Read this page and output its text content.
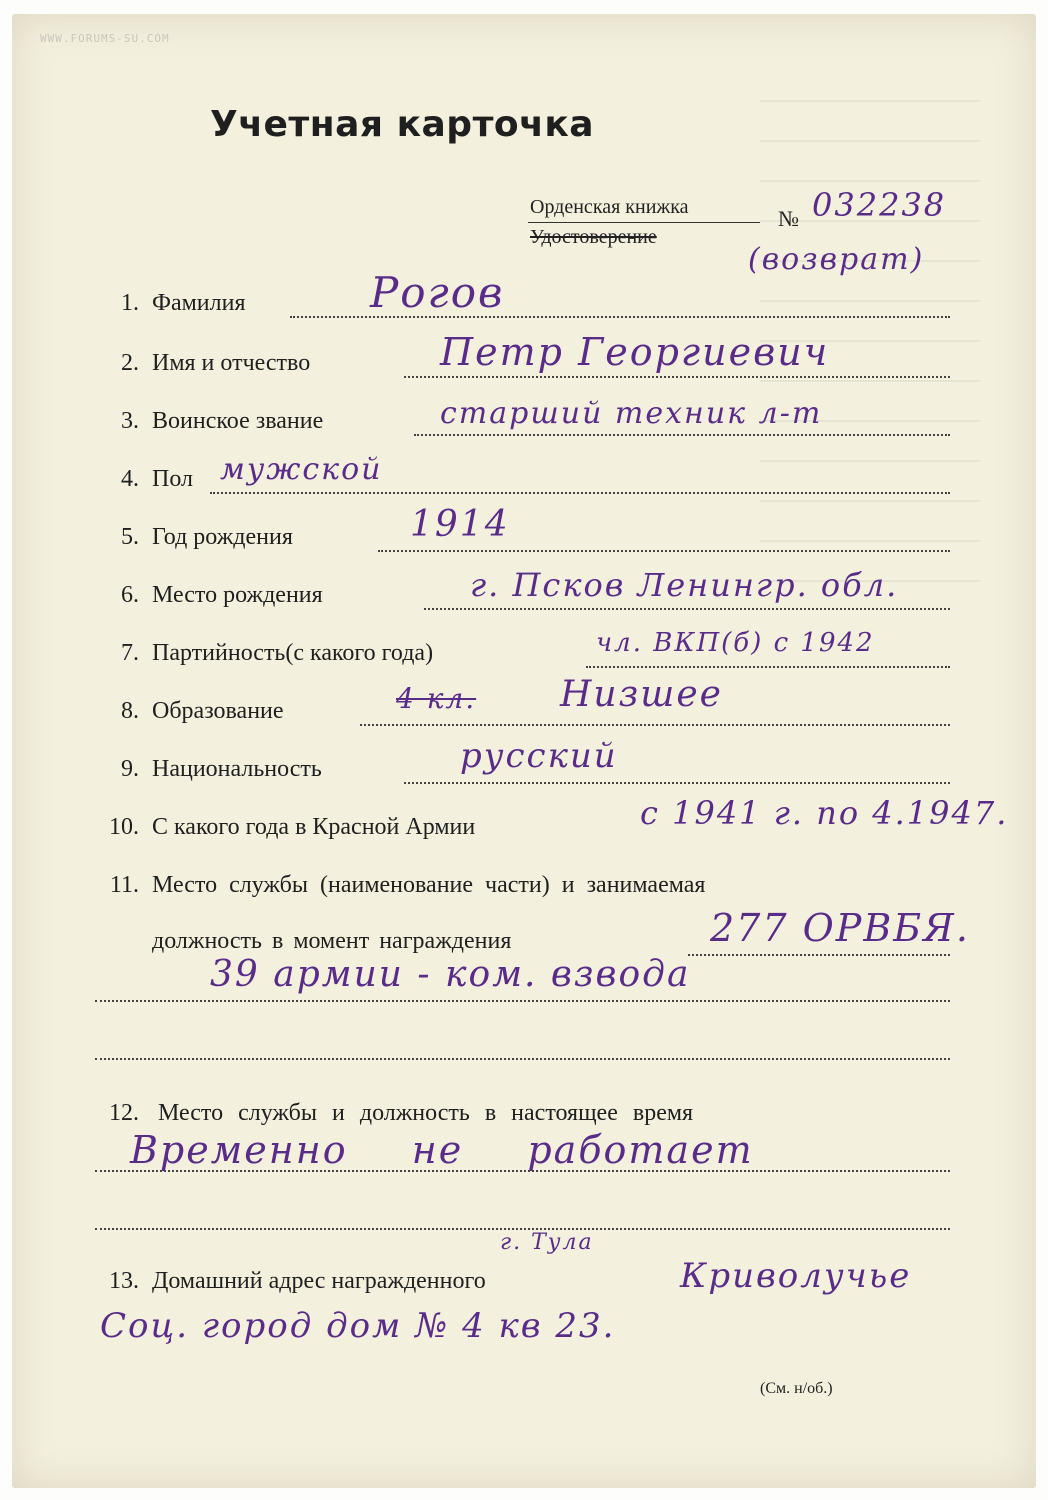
WWW.FORUMS-SU.COM
Учетная карточка
Орденская книжка
Удостоверение
№ 032238
(возврат)
1. Фамилия	Рогов
2. Имя и отчество	Петр Георгиевич
3. Воинское звание	старший техник л-т
4. Пол мужской
5. Год рождения	1914
6. Место рождения	г. Псков Ленингр. обл.
7. Партийность(с какого года)	чл. ВКП(б) с 1942
8. Образование	4 кл. Низшее
9. Национальность	русский
10. С какого года в Красной Армии	с 1941 г. по 4.1947.
11. Место службы (наименование части) и занимаемая
должность в момент награждения	277 ОРВБЯ.
39 армии - ком. взвода
12. Место службы и должность в настоящее время
Временно не работает
13. Домашний адрес награжденного
г. Тула
Криволучье
Соц. город дом № 4 кв 23.
(См. н/об.)
